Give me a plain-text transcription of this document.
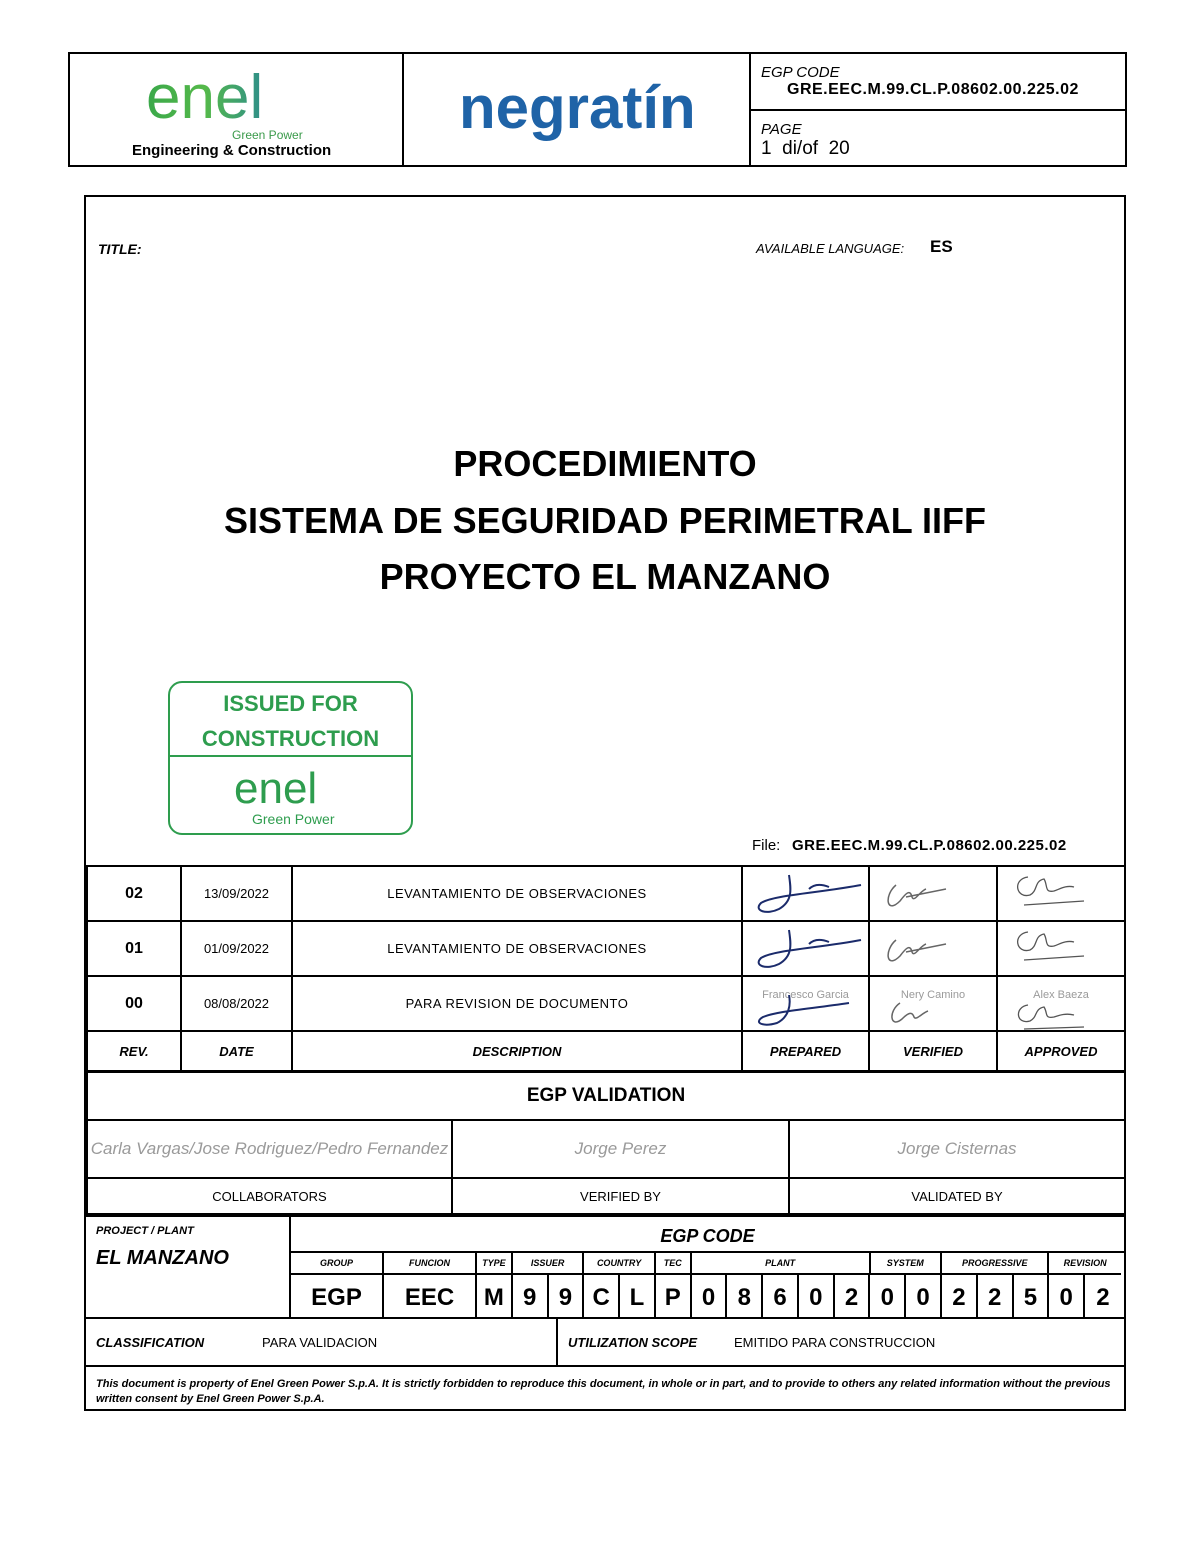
enel
Green Power
Engineering & Construction
negratín
EGP CODE
GRE.EEC.M.99.CL.P.08602.00.225.02
PAGE
1  di/of  20
TITLE:	AVAILABLE LANGUAGE: ES
PROCEDIMIENTO
SISTEMA DE SEGURIDAD PERIMETRAL IIFF
PROYECTO EL MANZANO
ISSUED FOR
CONSTRUCTION
enel
Green Power
File: GRE.EEC.M.99.CL.P.08602.00.225.02
02	13/09/2022	LEVANTAMIENTO DE OBSERVACIONES	

01	01/09/2022	LEVANTAMIENTO DE OBSERVACIONES	

00	08/08/2022	PARA REVISION DE DOCUMENTO	Francesco Garcia	Nery Camino	Alex Baeza

REV.	DATE	DESCRIPTION	PREPARED	VERIFIED	APPROVED
EGP VALIDATION		
Carla Vargas/Jose Rodriguez/Pedro Fernandez	Jorge Perez	Jorge Cisternas
COLLABORATORS	VERIFIED BY	VALIDATED BY
PROJECT / PLANT
EL MANZANO
EGP CODE
GROUP	FUNCION	TYPE	ISSUER	COUNTRY	TEC	PLANT	SYSTEM	PROGRESSIVE	REVISION
EGP	EEC	M 9 9 C L P 0 8 6 0 2 0 0 2 2 5 0 2
CLASSIFICATION	PARA VALIDACION	UTILIZATION SCOPE	EMITIDO PARA CONSTRUCCION
This document is property of Enel Green Power S.p.A. It is strictly forbidden to reproduce this document, in whole or in part, and to provide to others any related information without the previous written consent by Enel Green Power S.p.A.
